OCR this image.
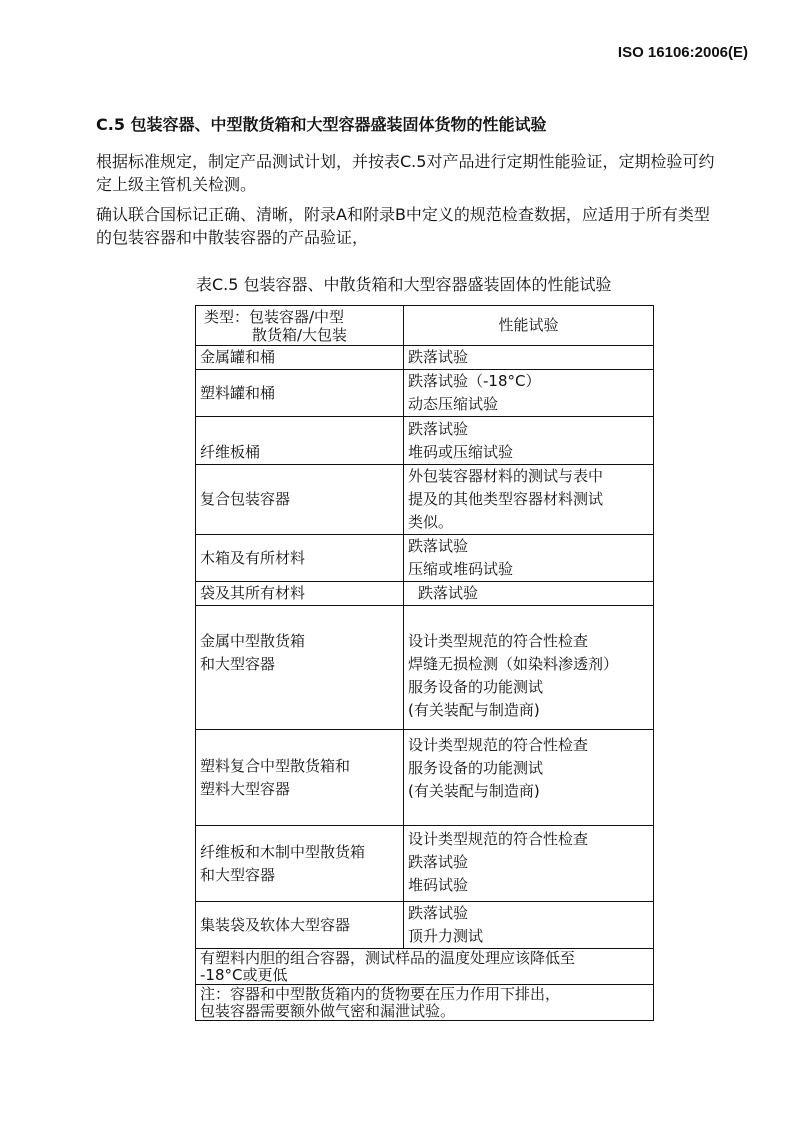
ISO 16106:2006(E)
C.5 包装容器、中型散货箱和大型容器盛装固体货物的性能试验
根据标准规定，制定产品测试计划，并按表C.5对产品进行定期性能验证，定期检验可约定上级主管机关检测。
确认联合国标记正确、清晰，附录A和附录B中定义的规范检查数据，应适用于所有类型的包装容器和中散装容器的产品验证，
表C.5 包装容器、中散货箱和大型容器盛装固体的性能试验
类型：包装容器/中型
散货箱/大包装	性能试验
金属罐和桶	跌落试验

塑料罐和桶	跌落试验（-18°C）
动态压缩试验

纤维板桶	跌落试验
堆码或压缩试验

复合包装容器	外包装容器材料的测试与表中
提及的其他类型容器材料测试
类似。

木箱及有所材料	跌落试验
压缩或堆码试验

袋及其所有材料	跌落试验

金属中型散货箱
和大型容器	设计类型规范的符合性检查
焊缝无损检测（如染料渗透剂）
服务设备的功能测试
(有关装配与制造商)

塑料复合中型散货箱和
塑料大型容器	设计类型规范的符合性检查
服务设备的功能测试
(有关装配与制造商)

纤维板和木制中型散货箱
和大型容器	设计类型规范的符合性检查
跌落试验
堆码试验

集装袋及软体大型容器	跌落试验
顶升力测试

有塑料内胆的组合容器，测试样品的温度处理应该降低至
-18°C或更低	

注：容器和中型散货箱内的货物要在压力作用下排出，
包装容器需要额外做气密和漏泄试验。	
